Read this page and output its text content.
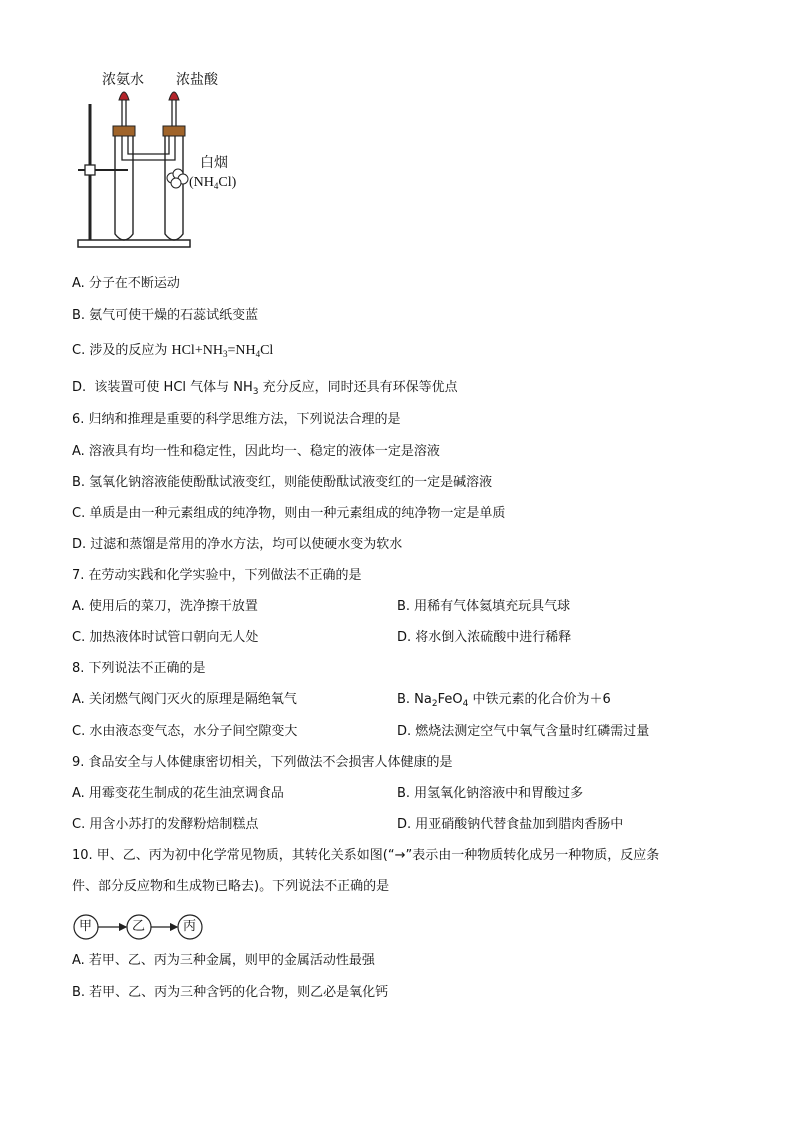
浓氨水 浓盐酸
白烟
$(NH_4Cl)$
A. 分子在不断运动
B. 氨气可使干燥的石蕊试纸变蓝
C. 涉及的反应为 $HCl+NH_3=NH_4Cl$
D.  该装置可使 HCl 气体与 $NH_3$ 充分反应，同时还具有环保等优点
6. 归纳和推理是重要的科学思维方法，下列说法合理的是
A. 溶液具有均一性和稳定性，因此均一、稳定的液体一定是溶液
B. 氢氧化钠溶液能使酚酞试液变红，则能使酚酞试液变红的一定是碱溶液
C. 单质是由一种元素组成的纯净物，则由一种元素组成的纯净物一定是单质
D. 过滤和蒸馏是常用的净水方法，均可以使硬水变为软水
7. 在劳动实践和化学实验中，下列做法不正确的是
A. 使用后的菜刀，洗净擦干放置	B. 用稀有气体氦填充玩具气球
C. 加热液体时试管口朝向无人处	D. 将水倒入浓硫酸中进行稀释
8. 下列说法不正确的是
A. 关闭燃气阀门灭火的原理是隔绝氧气	B. $Na_2FeO_4$ 中铁元素的化合价为＋6
C. 水由液态变气态，水分子间空隙变大	D. 燃烧法测定空气中氧气含量时红磷需过量
9. 食品安全与人体健康密切相关，下列做法不会损害人体健康的是
A. 用霉变花生制成的花生油烹调食品	B. 用氢氧化钠溶液中和胃酸过多
C. 用含小苏打的发酵粉焙制糕点	D. 用亚硝酸钠代替食盐加到腊肉香肠中
10. 甲、乙、丙为初中化学常见物质，其转化关系如图(“→”表示由一种物质转化成另一种物质，反应条
件、部分反应物和生成物已略去)。下列说法不正确的是
甲	乙	丙
A. 若甲、乙、丙为三种金属，则甲的金属活动性最强
B. 若甲、乙、丙为三种含钙的化合物，则乙必是氧化钙
